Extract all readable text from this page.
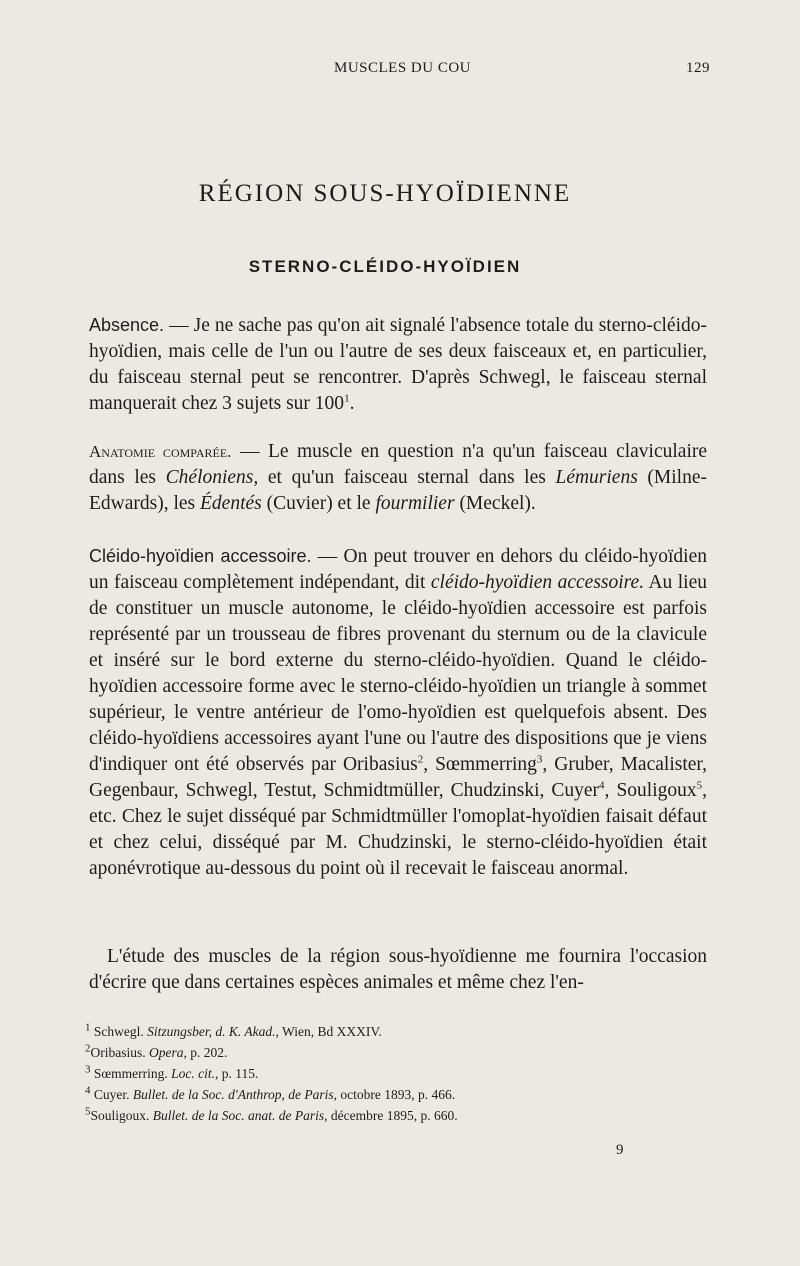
MUSCLES DU COU	129
RÉGION SOUS-HYOÏDIENNE
STERNO-CLÉIDO-HYOÏDIEN

Absence. — Je ne sache pas qu'on ait signalé l'absence totale du sterno-cléido-hyoïdien, mais celle de l'un ou l'autre de ses deux faisceaux et, en particulier, du faisceau sternal peut se rencontrer. D'après Schwegl, le faisceau sternal manquerait chez 3 sujets sur $100^1$.

Anatomie comparée. — Le muscle en question n'a qu'un faisceau claviculaire dans les Chéloniens, et qu'un faisceau sternal dans les Lémuriens (Milne-Edwards), les Édentés (Cuvier) et le fourmilier (Meckel).

Cléido-hyoïdien accessoire. — On peut trouver en dehors du cléido-hyoïdien un faisceau complètement indépendant, dit cléido-hyoïdien accessoire. Au lieu de constituer un muscle autonome, le cléido-hyoïdien accessoire est parfois représenté par un trousseau de fibres provenant du sternum ou de la clavicule et inséré sur le bord externe du sterno-cléido-hyoïdien. Quand le cléido-hyoïdien accessoire forme avec le sterno-cléido-hyoïdien un triangle à sommet supérieur, le ventre antérieur de l'omo-hyoïdien est quelquefois absent. Des cléido-hyoïdiens accessoires ayant l'une ou l'autre des dispositions que je viens d'indiquer ont été observés par Oribasius$^2$, Sœmmerring$^3$, Gruber, Macalister, Gegenbaur, Schwegl, Testut, Schmidtmüller, Chudzinski, Cuyer$^4$, Souligoux$^5$, etc. Chez le sujet disséqué par Schmidtmüller l'omoplat-hyoïdien faisait défaut et chez celui, disséqué par M. Chudzinski, le sterno-cléido-hyoïdien était aponévrotique au-dessous du point où il recevait le faisceau anormal.

L'étude des muscles de la région sous-hyoïdienne me fournira l'occasion d'écrire que dans certaines espèces animales et même chez l'en-

$^1$ Schwegl. Sitzungsber, d. K. Akad., Wien, Bd XXXIV.
$^2$Oribasius. Opera, p. 202.
$^3$ Sœmmerring. Loc. cit., p. 115.
$^4$ Cuyer. Bullet. de la Soc. d'Anthrop, de Paris, octobre 1893, p. 466.
$^5$Souligoux. Bullet. de la Soc. anat. de Paris, décembre 1895, p. 660.
9
